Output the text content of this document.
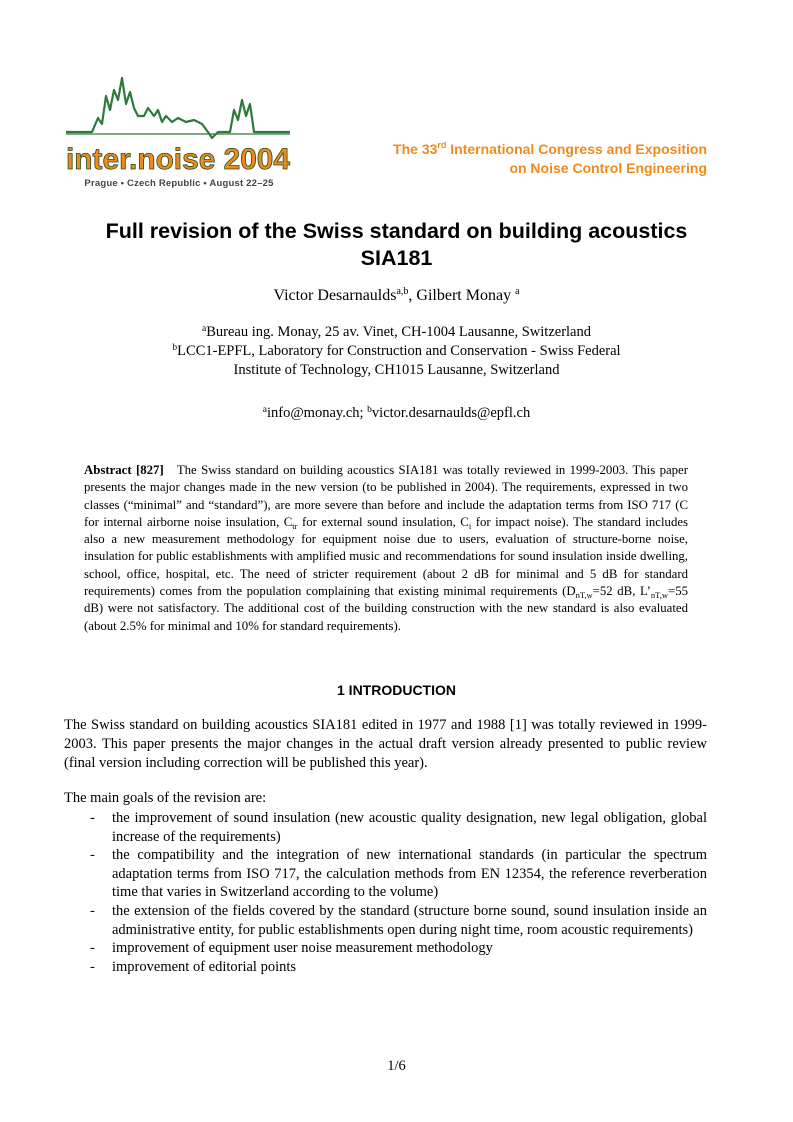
inter.noise 2004
Prague • Czech Republic • August 22–25
The 33rd International Congress and Exposition
on Noise Control Engineering
Full revision of the Swiss standard on building acoustics
SIA181
Victor Desarnaulds$^{a,b}$, Gilbert Monay $^a$
$^a$Bureau ing. Monay, 25 av. Vinet, CH-1004 Lausanne, Switzerland
$^b$LCC1-EPFL, Laboratory for Construction and Conservation - Swiss Federal
Institute of Technology, CH1015 Lausanne, Switzerland
$^a$info@monay.ch; $^b$victor.desarnaulds@epfl.ch
Abstract [827] The Swiss standard on building acoustics SIA181 was totally reviewed in 1999-2003. This paper presents the major changes made in the new version (to be published in 2004). The requirements, expressed in two classes (“minimal” and “standard”), are more severe than before and include the adaptation terms from ISO 717 (C for internal airborne noise insulation, $C_{tr}$ for external sound insulation, $C_i$ for impact noise). The standard includes also a new measurement methodology for equipment noise due to users, evaluation of structure-borne noise, insulation for public establishments with amplified music and recommendations for sound insulation inside dwelling, school, office, hospital, etc. The need of stricter requirement (about 2 dB for minimal and 5 dB for standard requirements) comes from the population complaining that existing minimal requirements ($D_{nT,w}=52$ dB, $L’_{nT,w}=55$ dB) were not satisfactory. The additional cost of the building construction with the new standard is also evaluated (about 2.5% for minimal and 10% for standard requirements).
1 INTRODUCTION
The Swiss standard on building acoustics SIA181 edited in 1977 and 1988 [1] was totally reviewed in 1999-2003. This paper presents the major changes in the actual draft version already presented to public review (final version including correction will be published this year).
The main goals of the revision are:
- the improvement of sound insulation (new acoustic quality designation, new legal obligation, global increase of the requirements)
- the compatibility and the integration of new international standards (in particular the spectrum adaptation terms from ISO 717, the calculation methods from EN 12354, the reference reverberation time that varies in Switzerland according to the volume)
- the extension of the fields covered by the standard (structure borne sound, sound insulation inside an administrative entity, for public establishments open during night time, room acoustic requirements)
- improvement of equipment user noise measurement methodology
- improvement of editorial points
1/6
